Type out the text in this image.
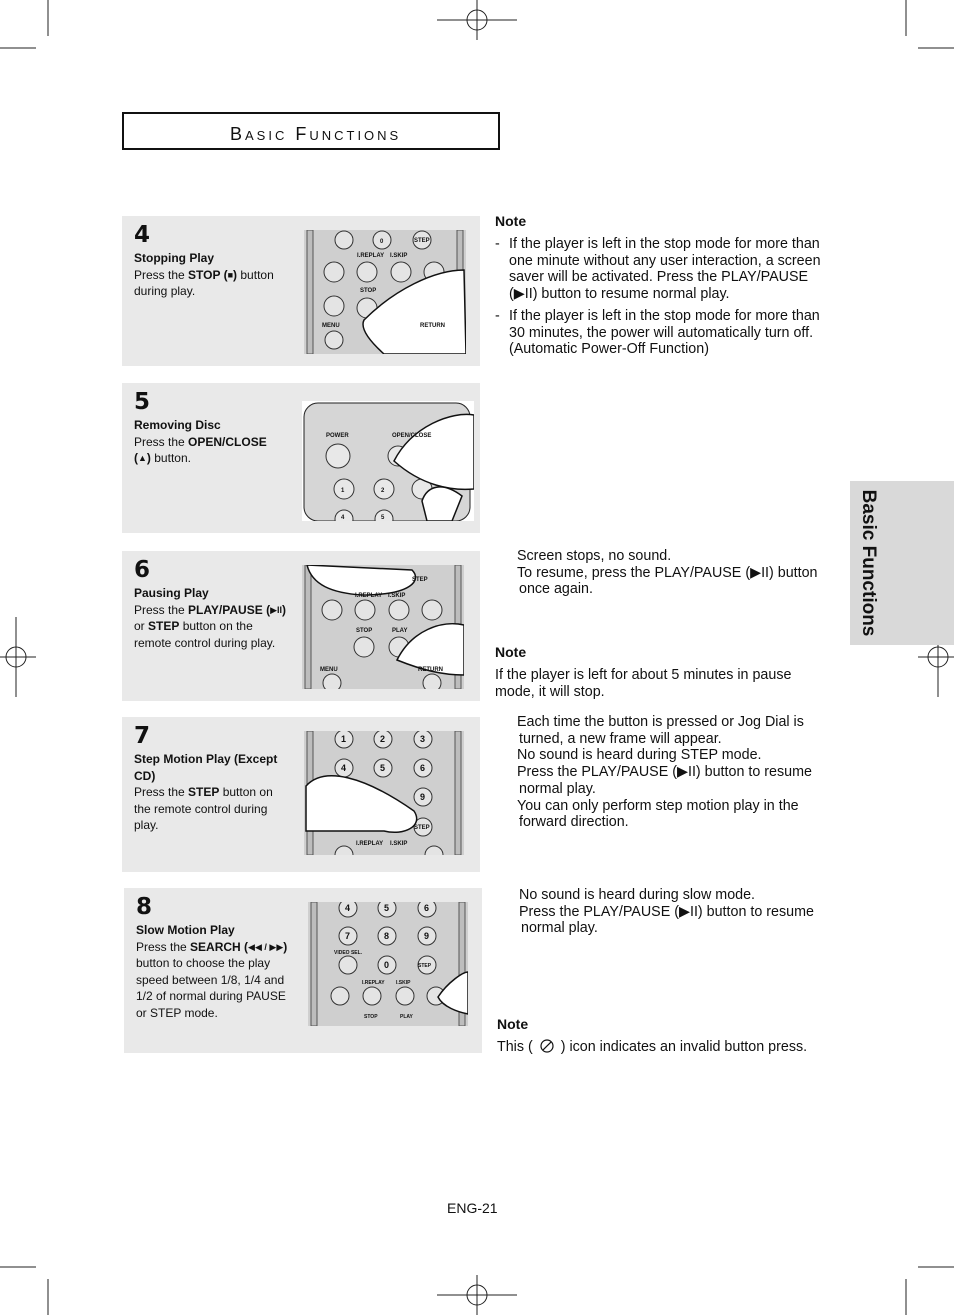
Basic Functions
Basic Functions
4
Stopping Play
Press the STOP (■) button during play.
0	STEP
I.REPLAY I.SKIP
STOP
MENU	RETURN
5
Removing Disc
Press the OPEN/CLOSE (▲) button.
POWER	OPEN/CLOSE
1	2
4	5
6
Pausing Play
Press the PLAY/PAUSE (▶II) or STEP button on the remote control during play.
STEP
I.REPLAY I.SKIP
STOP	PLAY
MENU	RETURN
7
Step Motion Play (Except CD)
Press the STEP button on the remote control during play.
1	2	3
4	5	6
9
STEP
I.REPLAY I.SKIP
8
Slow Motion Play
Press the SEARCH (◀◀ / ▶▶) button to choose the play speed between 1/8, 1/4 and 1/2 of normal during PAUSE or STEP mode.
4	5	6
7	8	9
0
VIDEO SEL.
STEP
I.REPLAY I.SKIP
STOP	PLAY
Note
- If the player is left in the stop mode for more than
one minute without any user interaction, a screen
saver will be activated. Press the PLAY/PAUSE
(▶II) button to resume normal play.
- If the player is left in the stop mode for more than
30 minutes, the power will automatically turn off.
(Automatic Power-Off Function)
Screen stops, no sound.
To resume, press the PLAY/PAUSE (▶II) button
once again.
Note
If the player is left for about 5 minutes in pause
mode, it will stop.
Each time the button is pressed or Jog Dial is
turned, a new frame will appear.
No sound is heard during STEP mode.
Press the PLAY/PAUSE (▶II) button to resume
normal play.
You can only perform step motion play in the
forward direction.
No sound is heard during slow mode.
Press the PLAY/PAUSE (▶II) button to resume
normal play.
Note
This ( ) icon indicates an invalid button press.
ENG-21
